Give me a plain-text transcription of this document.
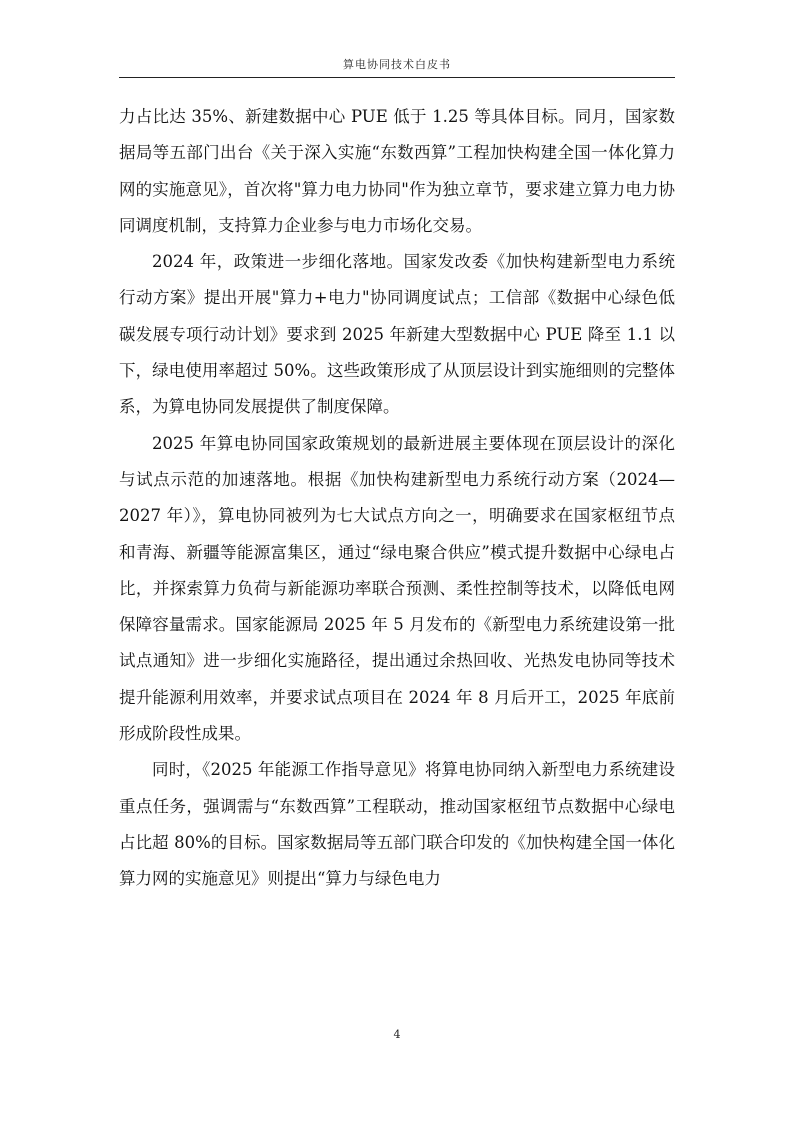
算电协同技术白皮书

力占比达 35%、新建数据中心 PUE 低于 1.25 等具体目标。同月，国家数据局等五部门出台《关于深入实施“东数西算”工程加快构建全国一体化算力网的实施意见》，首次将"算力电力协同"作为独立章节，要求建立算力电力协同调度机制，支持算力企业参与电力市场化交易。

2024 年，政策进一步细化落地。国家发改委《加快构建新型电力系统行动方案》提出开展"算力+电力"协同调度试点；工信部《数据中心绿色低碳发展专项行动计划》要求到 2025 年新建大型数据中心 PUE 降至 1.1 以下，绿电使用率超过 50%。这些政策形成了从顶层设计到实施细则的完整体系，为算电协同发展提供了制度保障。

2025 年算电协同国家政策规划的最新进展主要体现在顶层设计的深化与试点示范的加速落地。根据《加快构建新型电力系统行动方案（2024—2027 年）》，算电协同被列为七大试点方向之一，明确要求在国家枢纽节点和青海、新疆等能源富集区，通过“绿电聚合供应”模式提升数据中心绿电占比，并探索算力负荷与新能源功率联合预测、柔性控制等技术，以降低电网保障容量需求。国家能源局 2025 年 5 月发布的《新型电力系统建设第一批试点通知》进一步细化实施路径，提出通过余热回收、光热发电协同等技术提升能源利用效率，并要求试点项目在 2024 年 8 月后开工，2025 年底前形成阶段性成果。

同时，《2025 年能源工作指导意见》将算电协同纳入新型电力系统建设重点任务，强调需与“东数西算”工程联动，推动国家枢纽节点数据中心绿电占比超 80%的目标。国家数据局等五部门联合印发的《加快构建全国一体化算力网的实施意见》则提出“算力与绿色电力

4
